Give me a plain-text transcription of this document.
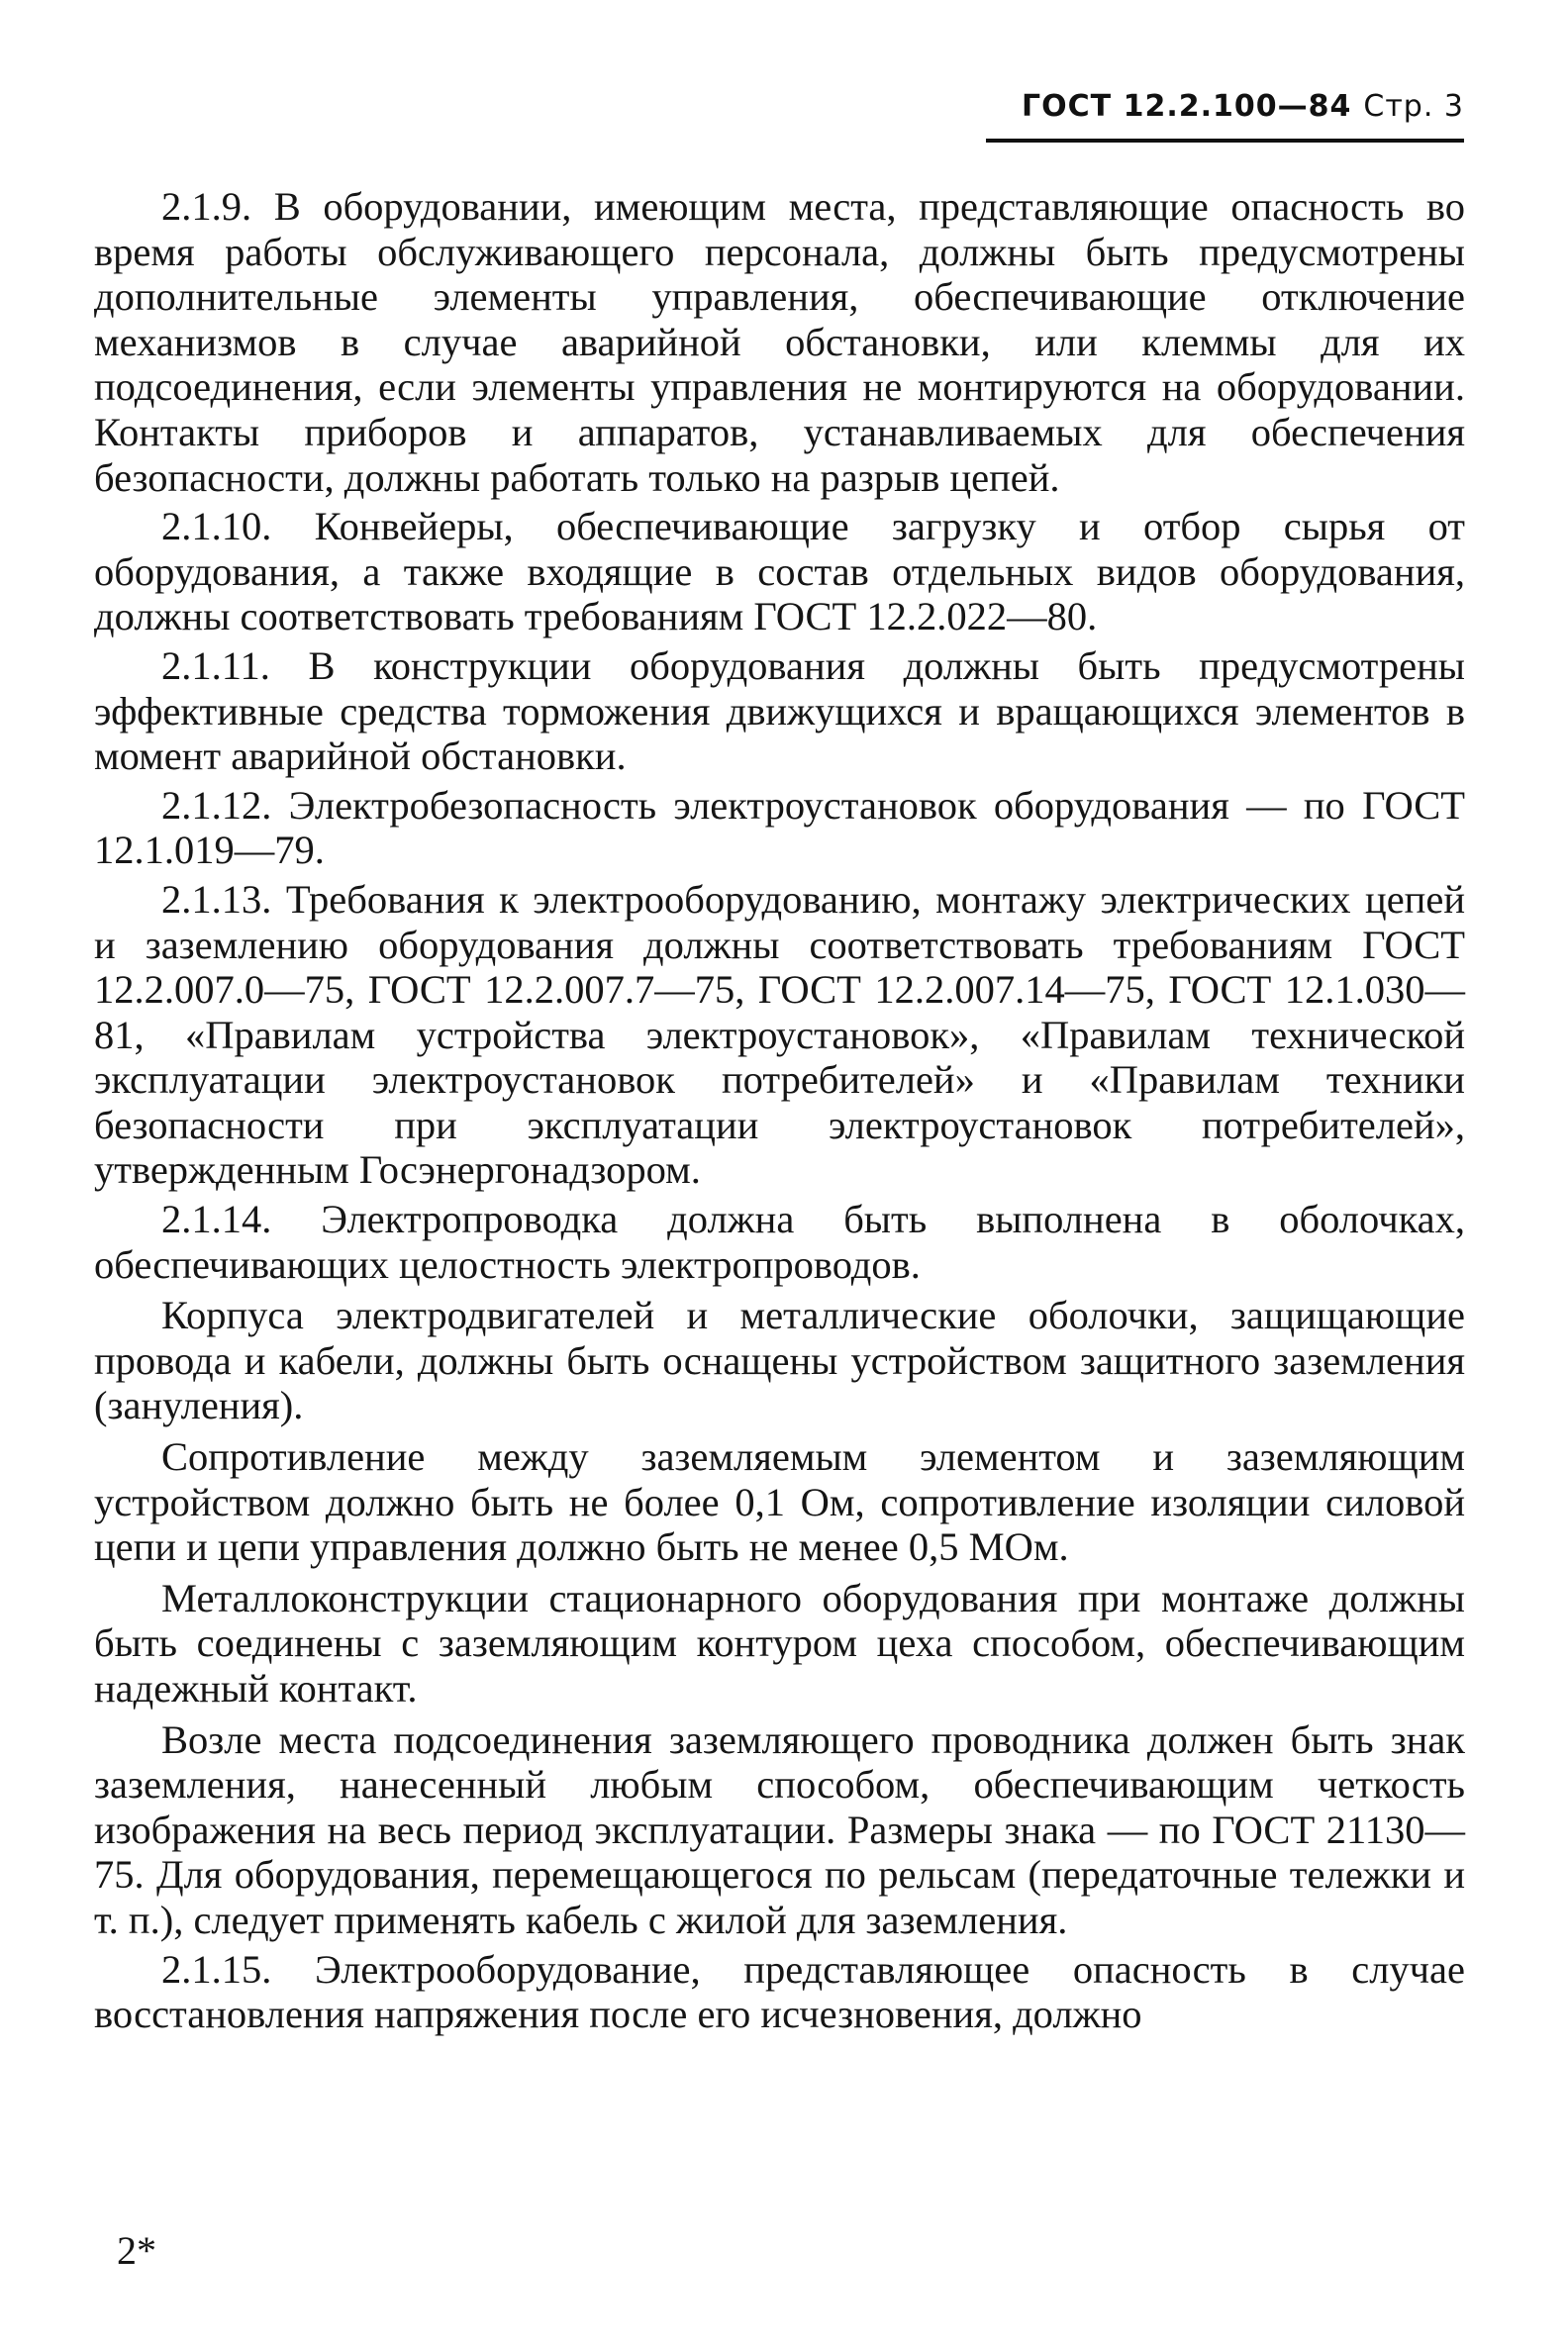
ГОСТ 12.2.100—84 Стр. 3

2.1.9. В оборудовании, имеющим места, представляющие опасность во время работы обслуживающего персонала, должны быть предусмотрены дополнительные элементы управления, обеспечивающие отключение механизмов в случае аварийной обстановки, или клеммы для их подсоединения, если элементы управления не монтируются на оборудовании. Контакты приборов и аппаратов, устанавливаемых для обеспечения безопасности, должны работать только на разрыв цепей.

2.1.10. Конвейеры, обеспечивающие загрузку и отбор сырья от оборудования, а также входящие в состав отдельных видов оборудования, должны соответствовать требованиям ГОСТ 12.2.022—80.

2.1.11. В конструкции оборудования должны быть предусмотрены эффективные средства торможения движущихся и вращающихся элементов в момент аварийной обстановки.

2.1.12. Электробезопасность электроустановок оборудования — по ГОСТ 12.1.019—79.

2.1.13. Требования к электрооборудованию, монтажу электрических цепей и заземлению оборудования должны соответствовать требованиям ГОСТ 12.2.007.0—75, ГОСТ 12.2.007.7—75, ГОСТ 12.2.007.14—75, ГОСТ 12.1.030—81, «Правилам устройства электроустановок», «Правилам технической эксплуатации электроустановок потребителей» и «Правилам техники безопасности при эксплуатации электроустановок потребителей», утвержденным Госэнергонадзором.

2.1.14. Электропроводка должна быть выполнена в оболочках, обеспечивающих целостность электропроводов.

Корпуса электродвигателей и металлические оболочки, защищающие провода и кабели, должны быть оснащены устройством защитного заземления (зануления).

Сопротивление между заземляемым элементом и заземляющим устройством должно быть не более 0,1 Ом, сопротивление изоляции силовой цепи и цепи управления должно быть не менее 0,5 МОм.

Металлоконструкции стационарного оборудования при монтаже должны быть соединены с заземляющим контуром цеха способом, обеспечивающим надежный контакт.

Возле места подсоединения заземляющего проводника должен быть знак заземления, нанесенный любым способом, обеспечивающим четкость изображения на весь период эксплуатации. Размеры знака — по ГОСТ 21130—75. Для оборудования, перемещающегося по рельсам (передаточные тележки и т. п.), следует применять кабель с жилой для заземления.

2.1.15. Электрооборудование, представляющее опасность в случае восстановления напряжения после его исчезновения, должно

2*
